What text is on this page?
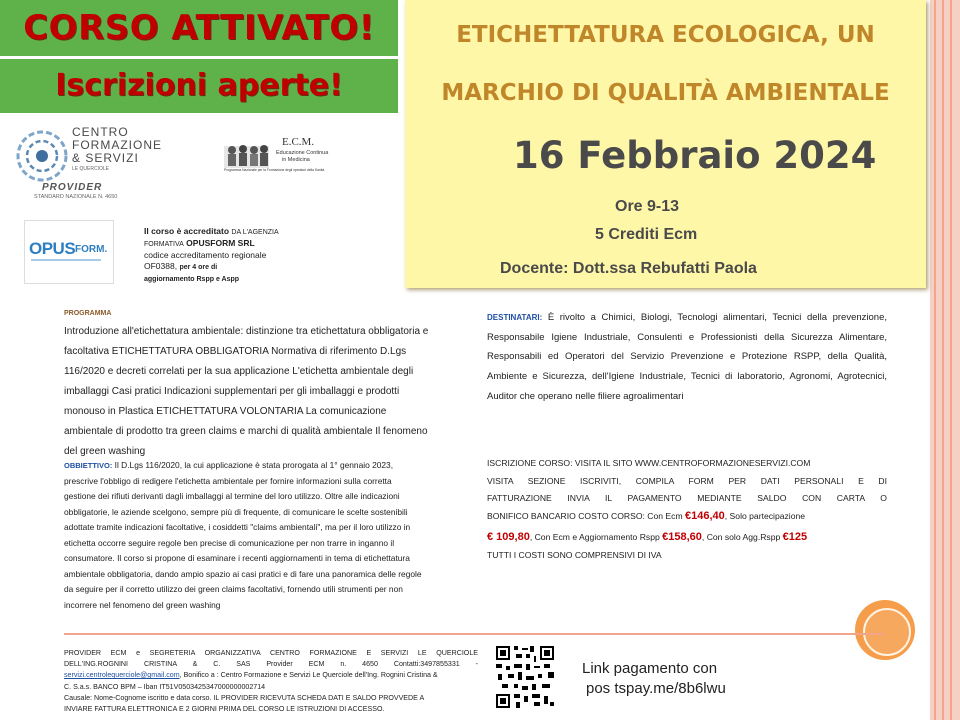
CORSO ATTIVATO!
Iscrizioni aperte!
ETICHETTATURA ECOLOGICA, UN
MARCHIO DI QUALITÀ AMBIENTALE
16 Febbraio 2024
Ore 9-13
5 Crediti Ecm
Docente: Dott.ssa Rebufatti Paola
CENTRO
FORMAZIONE
& SERVIZI
LE QUERCIOLE
PROVIDER
STANDARD NAZIONALE N. 4650
E.C.M.
Educazione Continua
in Medicina
Programma Nazionale per la Formazione degli operatori della Sanità
OPUS FORM.
Il corso è accreditato DA L'AGENZIA
FORMATIVA OPUSFORM SRL
codice accreditamento regionale
OF0388, per 4 ore di
aggiornamento Rspp e Aspp
PROGRAMMA
Introduzione all'etichettatura ambientale: distinzione tra etichettatura obbligatoria e
facoltativa ETICHETTATURA OBBLIGATORIA Normativa di riferimento D.Lgs
116/2020 e decreti correlati per la sua applicazione L'etichetta ambientale degli
imballaggi Casi pratici Indicazioni supplementari per gli imballaggi e prodotti
monouso in Plastica ETICHETTATURA VOLONTARIA La comunicazione
ambientale di prodotto tra green claims e marchi di qualità ambientale Il fenomeno
del green washing
OBBIETTIVO: Il D.Lgs 116/2020, la cui applicazione è stata prorogata al 1° gennaio 2023,
prescrive l'obbligo di redigere l'etichetta ambientale per fornire informazioni sulla corretta
gestione dei rifiuti derivanti dagli imballaggi al termine del loro utilizzo. Oltre alle indicazioni
obbligatorie, le aziende scelgono, sempre più di frequente, di comunicare le scelte sostenibili
adottate tramite indicazioni facoltative, i cosiddetti "claims ambientali", ma per il loro utilizzo in
etichetta occorre seguire regole ben precise di comunicazione per non trarre in inganno il
consumatore. Il corso si propone di esaminare i recenti aggiornamenti in tema di etichettatura
ambientale obbligatoria, dando ampio spazio ai casi pratici e di fare una panoramica delle regole
da seguire per il corretto utilizzo dei green claims facoltativi, fornendo utili strumenti per non
incorrere nel fenomeno del green washing
DESTINATARI: È rivolto a Chimici, Biologi, Tecnologi alimentari, Tecnici della prevenzione, Responsabile Igiene Industriale, Consulenti e Professionisti della Sicurezza Alimentare, Responsabili ed Operatori del Servizio Prevenzione e Protezione RSPP, della Qualità, Ambiente e Sicurezza, dell'Igiene Industriale, Tecnici di laboratorio, Agronomi, Agrotecnici, Auditor che operano nelle filiere agroalimentari
ISCRIZIONE CORSO: VISITA IL SITO WWW.CENTROFORMAZIONESERVIZI.COM
VISITA SEZIONE ISCRIVITI, COMPILA FORM PER DATI PERSONALI E DI
FATTURAZIONE INVIA IL PAGAMENTO MEDIANTE SALDO CON CARTA O
BONIFICO BANCARIO COSTO CORSO: Con Ecm €146,40, Solo partecipazione
€ 109,80, Con Ecm e Aggiornamento Rspp €158,60, Con solo Agg.Rspp €125
TUTTI I COSTI SONO COMPRENSIVI DI IVA
PROVIDER ECM e SEGRETERIA ORGANIZZATIVA CENTRO FORMAZIONE E SERVIZI LE QUERCIOLE
DELL'ING.ROGNINI CRISTINA & C. SAS Provider ECM n. 4650 Contatti:3497855331 -
servizi.centrolequerciole@gmail.com, Bonifico a : Centro Formazione e Servizi Le Querciole dell'Ing. Rognini Cristina &
C. S.a.s. BANCO BPM – Iban IT51V0503425347000000002714
Causale: Nome-Cognome iscritto e data corso. IL PROVIDER RICEVUTA SCHEDA DATI E SALDO PROVVEDE A
INVIARE FATTURA ELETTRONICA E 2 GIORNI PRIMA DEL CORSO LE ISTRUZIONI DI ACCESSO.
Link pagamento con
pos tspay.me/8b6lwu
